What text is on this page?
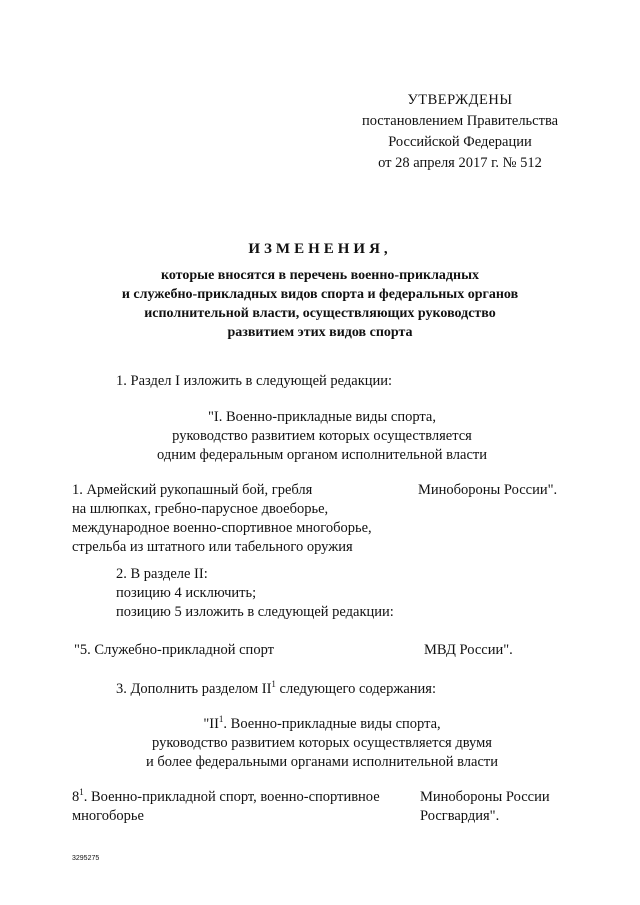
УТВЕРЖДЕНЫ
постановлением Правительства
Российской Федерации
от 28 апреля 2017 г. № 512
ИЗМЕНЕНИЯ,
которые вносятся в перечень военно-прикладных
и служебно-прикладных видов спорта и федеральных органов
исполнительной власти, осуществляющих руководство
развитием этих видов спорта
1. Раздел I изложить в следующей редакции:
"I. Военно-прикладные виды спорта,
руководство развитием которых осуществляется
одним федеральным органом исполнительной власти
1. Армейский рукопашный бой, гребля
на шлюпках, гребно-парусное двоеборье,
международное военно-спортивное многоборье,
стрельба из штатного или табельного оружия
Минобороны России".
2. В разделе II:
позицию 4 исключить;
позицию 5 изложить в следующей редакции:
"5. Служебно-прикладной спорт	МВД России".
3. Дополнить разделом $II^1$ следующего содержания:
"$II^1$. Военно-прикладные виды спорта,
руководство развитием которых осуществляется двумя
и более федеральными органами исполнительной власти
$8^1$. Военно-прикладной спорт, военно-спортивное
многоборье
Минобороны России
Росгвардия".
3295275
